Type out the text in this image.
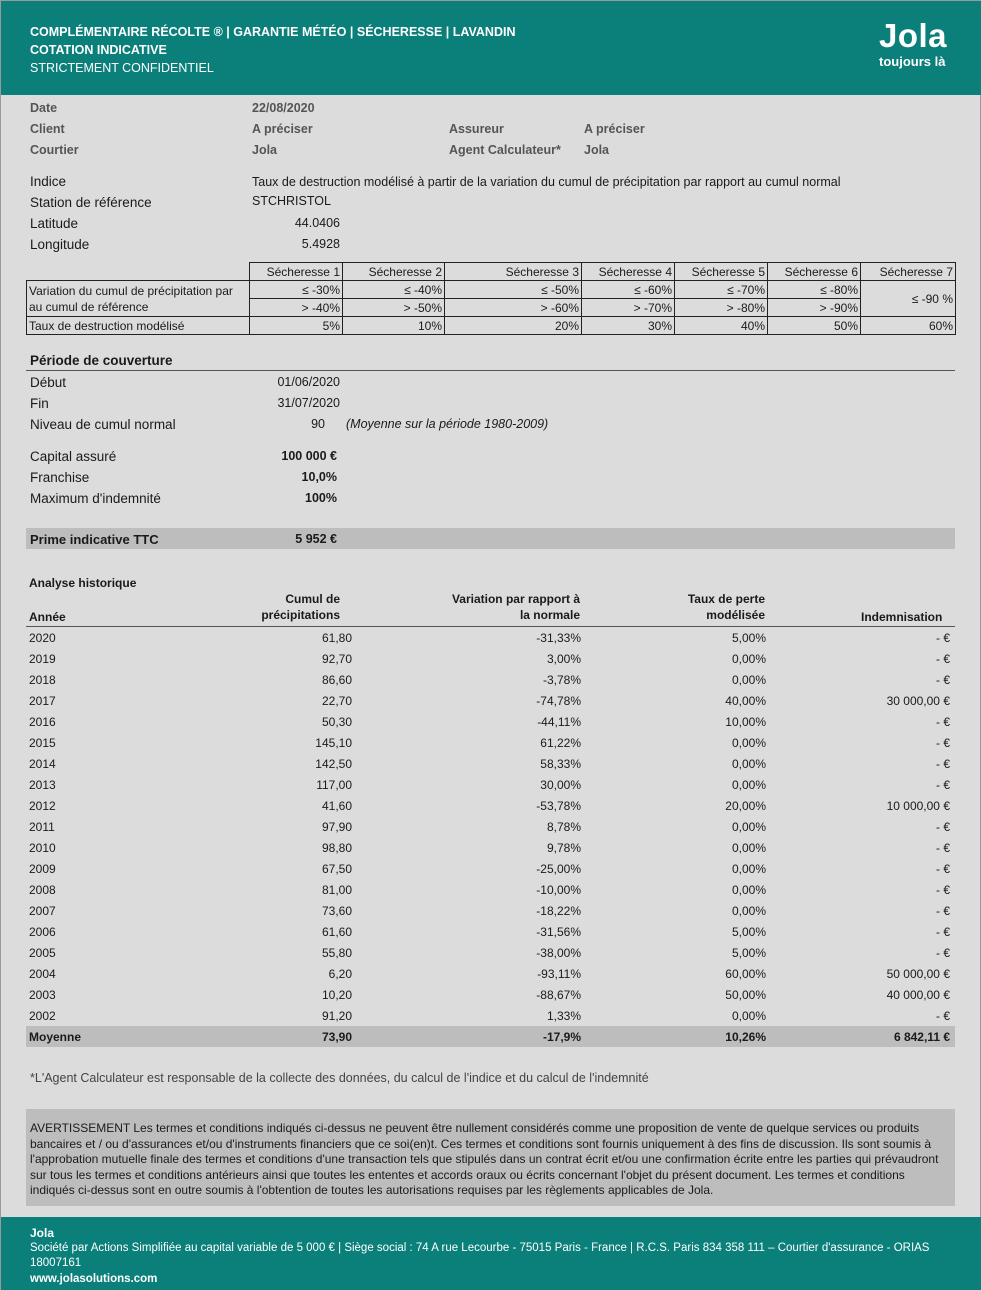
COMPLÉMENTAIRE RÉCOLTE ® | GARANTIE MÉTÉO | SÉCHERESSE | LAVANDIN
COTATION INDICATIVE
STRICTEMENT CONFIDENTIEL
Jola
toujours là
Date	22/08/2020
Client	A préciser	Assureur	A préciser
Courtier	Jola	Agent Calculateur* Jola
Indice	Taux de destruction modélisé à partir de la variation du cumul de précipitation par rapport au cumul normal
Station de référence	STCHRISTOL
Latitude	44.0406
Longitude	5.4928
	Sécheresse 1	Sécheresse 2	Sécheresse 3	Sécheresse 4	Sécheresse 5	Sécheresse 6	Sécheresse 7
Variation du cumul de précipitation par au cumul de référence	≤ -30%	≤ -40%	≤ -50%	≤ -60%	≤ -70%	≤ -80%	≤ -90 %
	> -40%	> -50%	> -60%	> -70%	> -80%	> -90%	
Taux de destruction modélisé	5%	10%	20%	30%	40%	50%	60%
Période de couverture
Début	01/06/2020
Fin	31/07/2020
Niveau de cumul normal	90 (Moyenne sur la période 1980-2009)
Capital assuré	100 000 €
Franchise	10,0%
Maximum d'indemnité	100%
Prime indicative TTC	5 952 €
Analyse historique
Année
Cumul de
précipitations
Variation par rapport à
la normale
Taux de perte
modélisée	Indemnisation
2020	61,80	-31,33%	5,00%	- €
2019	92,70	3,00%	0,00%	- €
2018	86,60	-3,78%	0,00%	- €
2017	22,70	-74,78%	40,00%	30 000,00 €
2016	50,30	-44,11%	10,00%	- €
2015	145,10	61,22%	0,00%	- €
2014	142,50	58,33%	0,00%	- €
2013	117,00	30,00%	0,00%	- €
2012	41,60	-53,78%	20,00%	10 000,00 €
2011	97,90	8,78%	0,00%	- €
2010	98,80	9,78%	0,00%	- €
2009	67,50	-25,00%	0,00%	- €
2008	81,00	-10,00%	0,00%	- €
2007	73,60	-18,22%	0,00%	- €
2006	61,60	-31,56%	5,00%	- €
2005	55,80	-38,00%	5,00%	- €
2004	6,20	-93,11%	60,00%	50 000,00 €
2003	10,20	-88,67%	50,00%	40 000,00 €
2002	91,20	1,33%	0,00%	- €
Moyenne	73,90	-17,9%	10,26%	6 842,11 €
*L'Agent Calculateur est responsable de la collecte des données, du calcul de l'indice et du calcul de l'indemnité
AVERTISSEMENT Les termes et conditions indiqués ci-dessus ne peuvent être nullement considérés comme une proposition de vente de quelque services ou produits bancaires et / ou d'assurances et/ou d'instruments financiers que ce soi(en)t. Ces termes et conditions sont fournis uniquement à des fins de discussion. Ils sont soumis à l'approbation mutuelle finale des termes et conditions d'une transaction tels que stipulés dans un contrat écrit et/ou une confirmation écrite entre les parties qui prévaudront sur tous les termes et conditions antérieurs ainsi que toutes les ententes et accords oraux ou écrits concernant l'objet du présent document. Les termes et conditions indiqués ci-dessus sont en outre soumis à l'obtention de toutes les autorisations requises par les règlements applicables de Jola.
Jola
Société par Actions Simplifiée au capital variable de 5 000 € | Siège social : 74 A rue Lecourbe - 75015 Paris - France | R.C.S. Paris 834 358 111 – Courtier d'assurance - ORIAS
18007161
www.jolasolutions.com
